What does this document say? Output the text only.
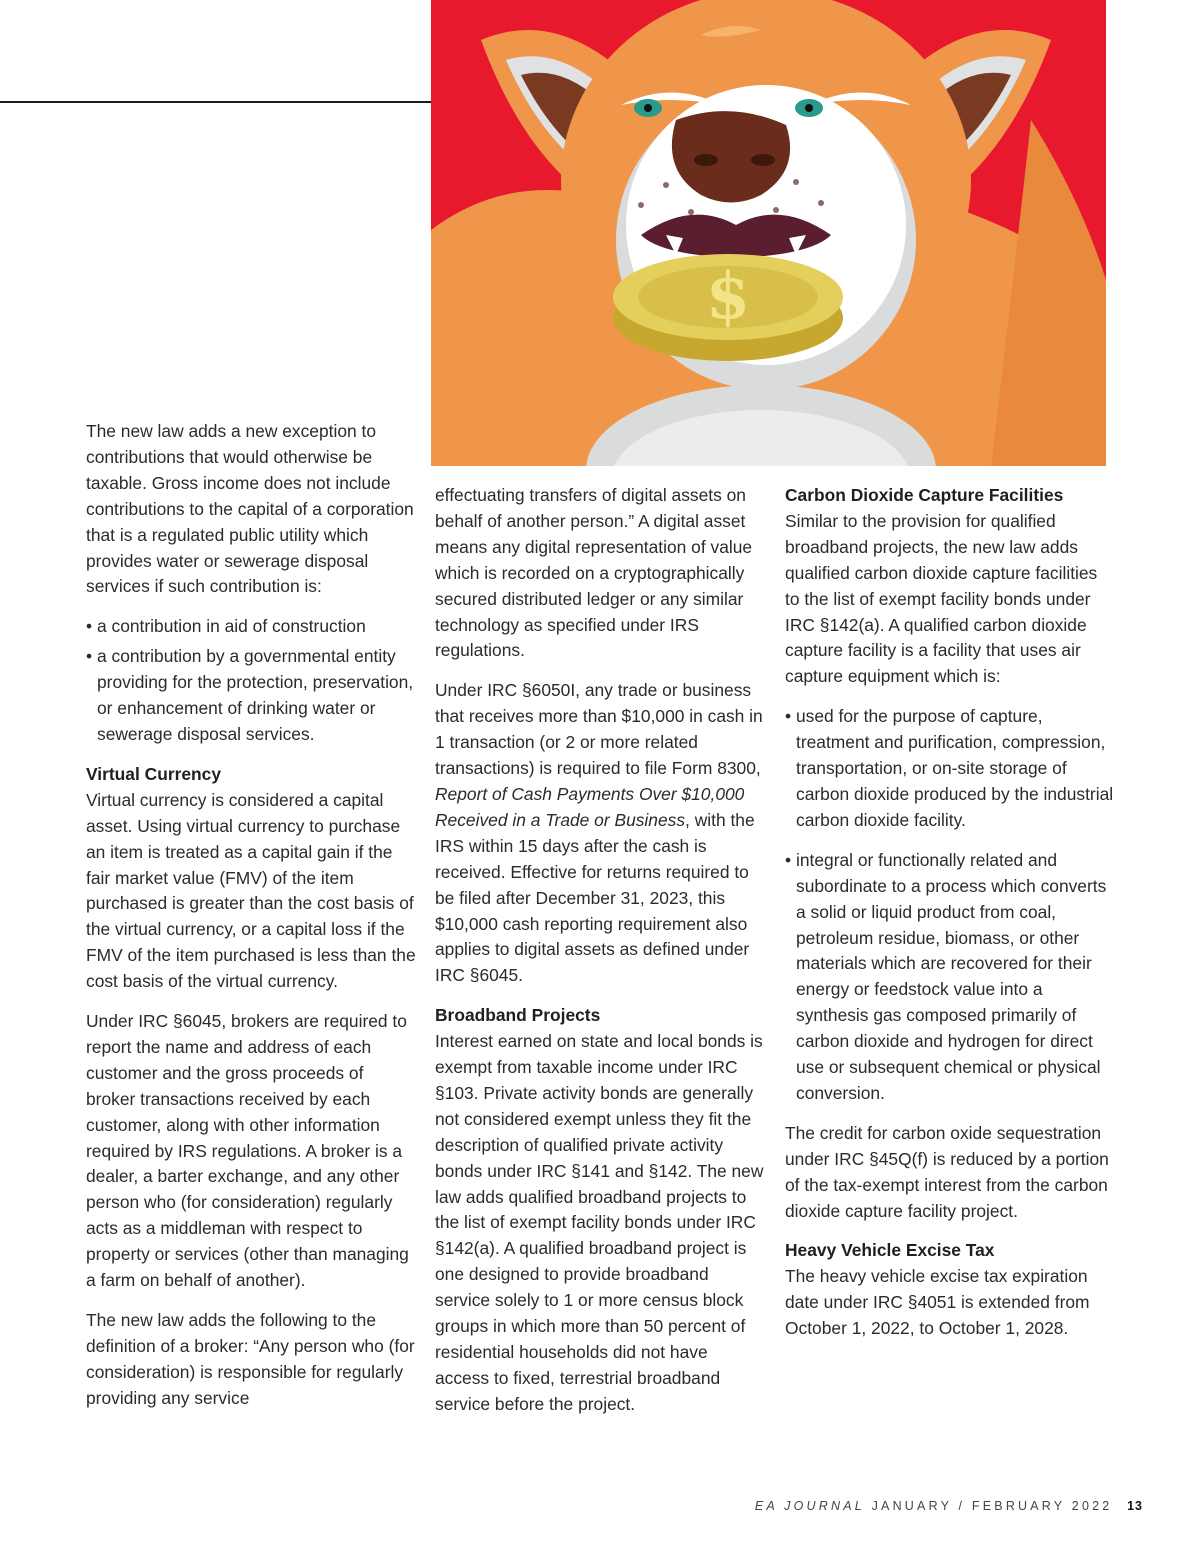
$

The new law adds a new exception to contributions that would otherwise be taxable. Gross income does not include contributions to the capital of a corporation that is a regulated public utility which provides water or sewerage disposal services if such contribution is:

• a contribution in aid of construction
• a contribution by a governmental entity providing for the protection, preservation, or enhancement of drinking water or sewerage disposal services.
Virtual Currency

Virtual currency is considered a capital asset. Using virtual currency to purchase an item is treated as a capital gain if the fair market value (FMV) of the item purchased is greater than the cost basis of the virtual currency, or a capital loss if the FMV of the item purchased is less than the cost basis of the virtual currency.

Under IRC §6045, brokers are required to report the name and address of each customer and the gross proceeds of broker transactions received by each customer, along with other information required by IRS regulations. A broker is a dealer, a barter exchange, and any other person who (for consideration) regularly acts as a middleman with respect to property or services (other than managing a farm on behalf of another).

The new law adds the following to the definition of a broker: “Any person who (for consideration) is responsible for regularly providing any service

effectuating transfers of digital assets on behalf of another person.” A digital asset means any digital representation of value which is recorded on a cryptographically secured distributed ledger or any similar technology as specified under IRS regulations.

Under IRC §6050I, any trade or business that receives more than $10,000 in cash in 1 transaction (or 2 or more related transactions) is required to file Form 8300, Report of Cash Payments Over $10,000 Received in a Trade or Business, with the IRS within 15 days after the cash is received. Effective for returns required to be filed after December 31, 2023, this $10,000 cash reporting requirement also applies to digital assets as defined under IRC §6045.

Broadband Projects

Interest earned on state and local bonds is exempt from taxable income under IRC §103. Private activity bonds are generally not considered exempt unless they fit the description of qualified private activity bonds under IRC §141 and §142. The new law adds qualified broadband projects to the list of exempt facility bonds under IRC §142(a). A qualified broadband project is one designed to provide broadband service solely to 1 or more census block groups in which more than 50 percent of residential households did not have access to fixed, terrestrial broadband service before the project.

Carbon Dioxide Capture Facilities

Similar to the provision for qualified broadband projects, the new law adds qualified carbon dioxide capture facilities to the list of exempt facility bonds under IRC §142(a). A qualified carbon dioxide capture facility is a facility that uses air capture equipment which is:

• used for the purpose of capture, treatment and purification, compression, transportation, or on-site storage of carbon dioxide produced by the industrial carbon dioxide facility.
• integral or functionally related and subordinate to a process which converts a solid or liquid product from coal, petroleum residue, biomass, or other materials which are recovered for their energy or feedstock value into a synthesis gas composed primarily of carbon dioxide and hydrogen for direct use or subsequent chemical or physical conversion.

The credit for carbon oxide sequestration under IRC §45Q(f) is reduced by a portion of the tax-exempt interest from the carbon dioxide capture facility project.

Heavy Vehicle Excise Tax

The heavy vehicle excise tax expiration date under IRC §4051 is extended from October 1, 2022, to October 1, 2028.

EA JOURNAL JANUARY / FEBRUARY 2022 13
